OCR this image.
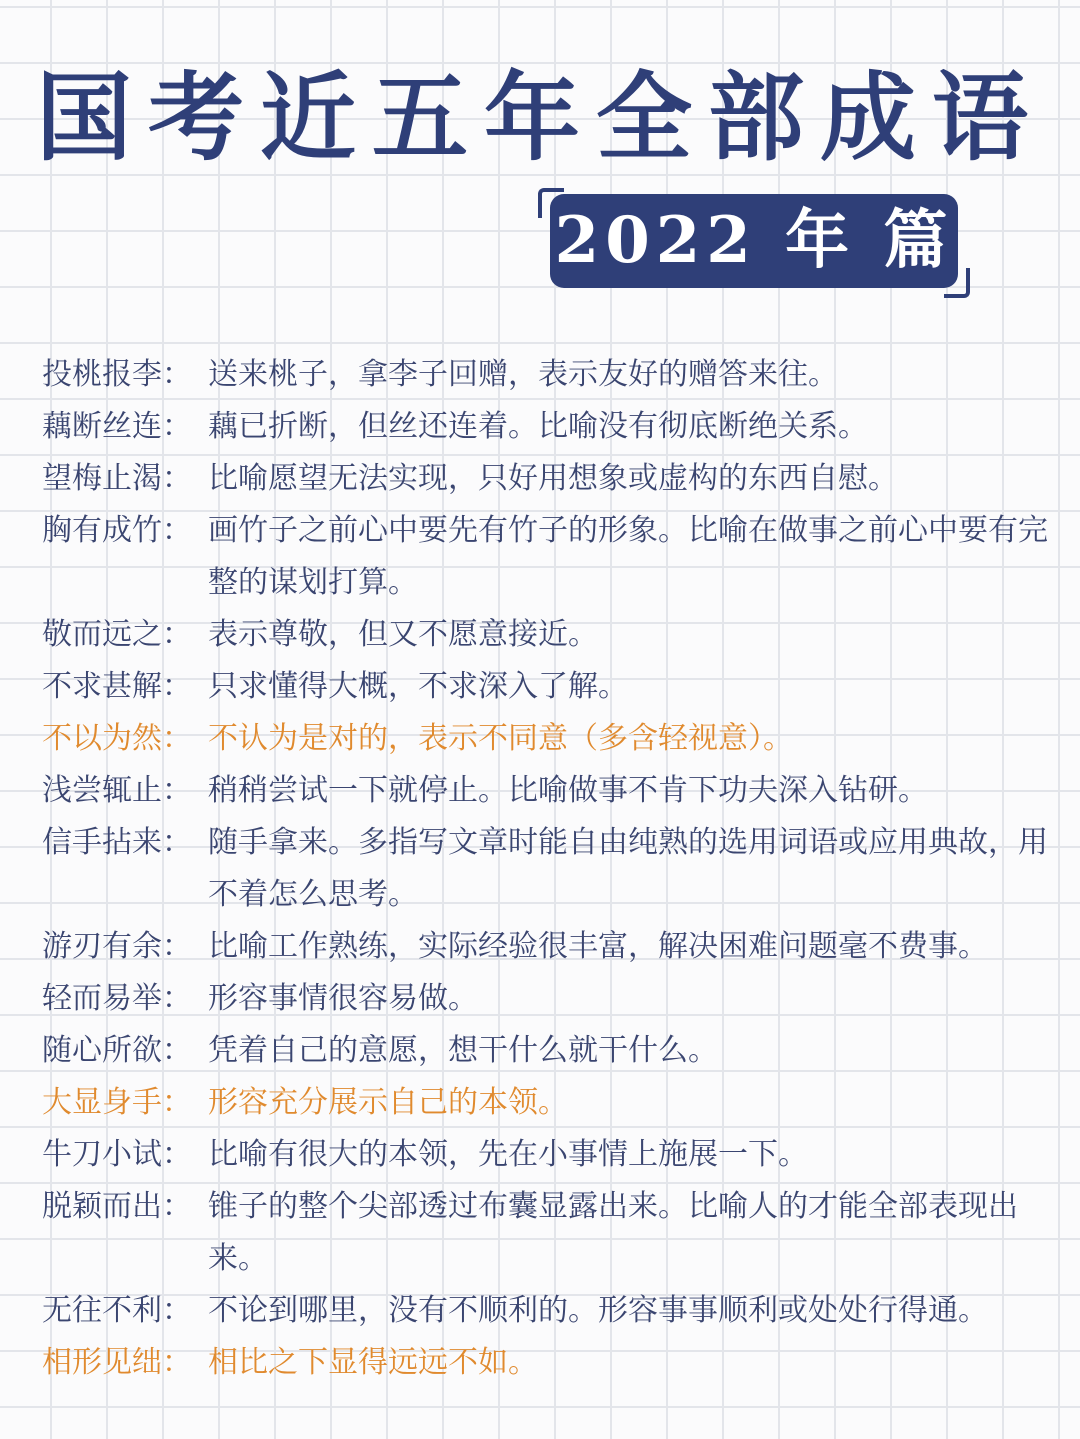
国考近五年全部成语
2022 年 篇
投桃报李： 送来桃子，拿李子回赠，表示友好的赠答来往。
藕断丝连： 藕已折断，但丝还连着。比喻没有彻底断绝关系。
望梅止渴： 比喻愿望无法实现，只好用想象或虚构的东西自慰。
胸有成竹： 画竹子之前心中要先有竹子的形象。比喻在做事之前心中要有完整的谋划打算。
敬而远之： 表示尊敬，但又不愿意接近。
不求甚解： 只求懂得大概，不求深入了解。
不以为然： 不认为是对的，表示不同意（多含轻视意）。
浅尝辄止： 稍稍尝试一下就停止。比喻做事不肯下功夫深入钻研。
信手拈来： 随手拿来。多指写文章时能自由纯熟的选用词语或应用典故，用不着怎么思考。
游刃有余： 比喻工作熟练，实际经验很丰富，解决困难问题毫不费事。
轻而易举： 形容事情很容易做。
随心所欲： 凭着自己的意愿，想干什么就干什么。
大显身手： 形容充分展示自己的本领。
牛刀小试： 比喻有很大的本领，先在小事情上施展一下。
脱颖而出： 锥子的整个尖部透过布囊显露出来。比喻人的才能全部表现出来。
无往不利： 不论到哪里，没有不顺利的。形容事事顺利或处处行得通。
相形见绌： 相比之下显得远远不如。
